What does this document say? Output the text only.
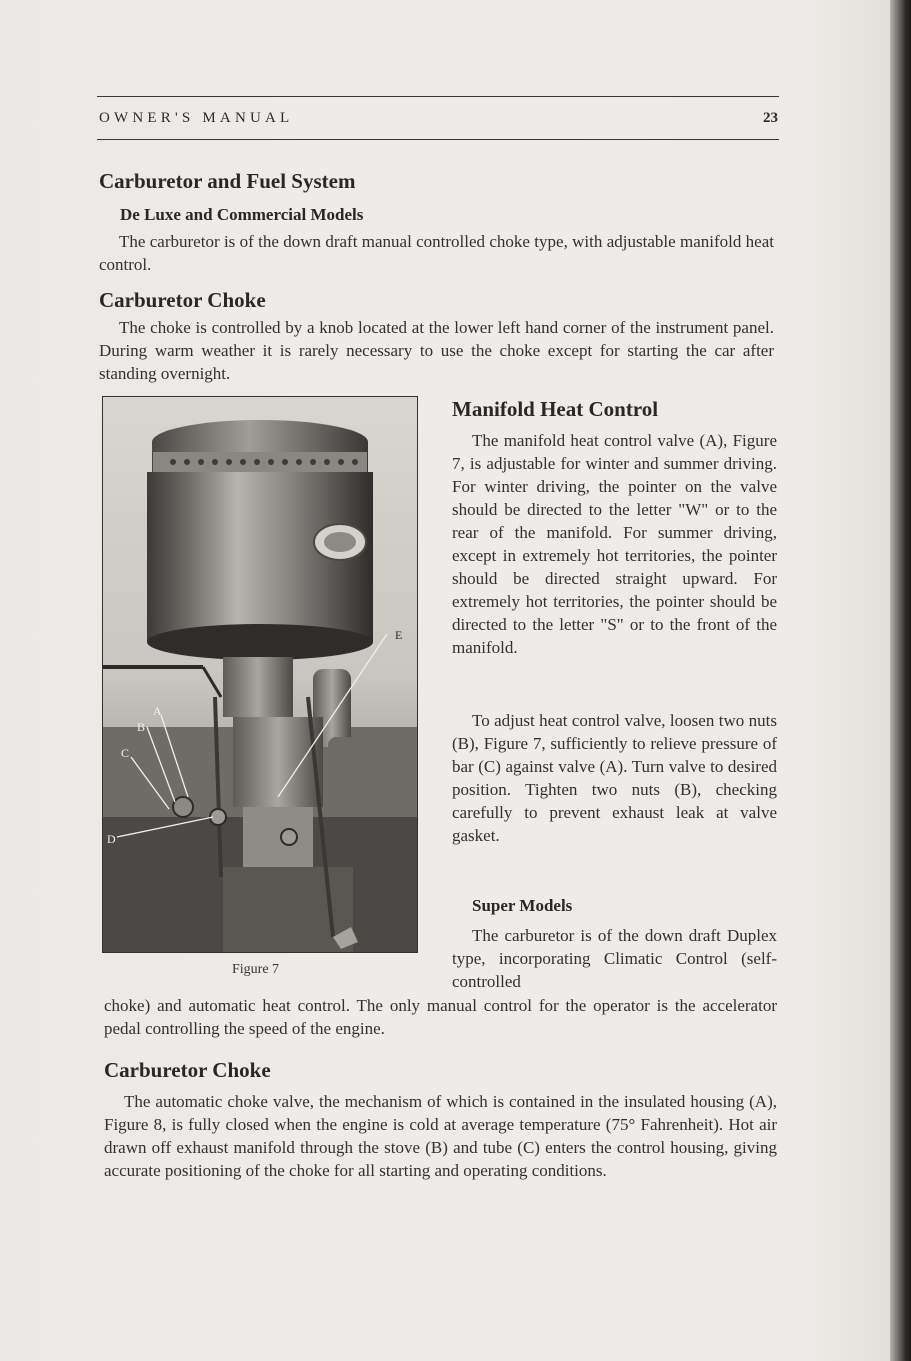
OWNER'S MANUAL	23
Carburetor and Fuel System
De Luxe and Commercial Models

The carburetor is of the down draft manual controlled choke type, with adjustable manifold heat control.

Carburetor Choke

The choke is controlled by a knob located at the lower left hand corner of the instrument panel. During warm weather it is rarely necessary to use the choke except for starting the car after standing overnight.

A
B
C
D
E
Figure 7
Manifold Heat Control

The manifold heat control valve (A), Figure 7, is adjustable for winter and summer driving. For winter driving, the pointer on the valve should be directed to the letter "W" or to the rear of the manifold. For summer driving, except in extremely hot territories, the pointer should be directed straight upward. For extremely hot territories, the pointer should be directed to the letter "S" or to the front of the manifold.

To adjust heat control valve, loosen two nuts (B), Figure 7, sufficiently to relieve pressure of bar (C) against valve (A). Turn valve to desired position. Tighten two nuts (B), checking carefully to prevent exhaust leak at valve gasket.

Super Models

The carburetor is of the down draft Duplex type, incorporating Climatic Control (self-controlled

choke) and automatic heat control. The only manual control for the operator is the accelerator pedal controlling the speed of the engine.
Carburetor Choke

The automatic choke valve, the mechanism of which is contained in the insulated housing (A), Figure 8, is fully closed when the engine is cold at average temperature (75° Fahrenheit). Hot air drawn off exhaust manifold through the stove (B) and tube (C) enters the control housing, giving accurate positioning of the choke for all starting and operating conditions.
